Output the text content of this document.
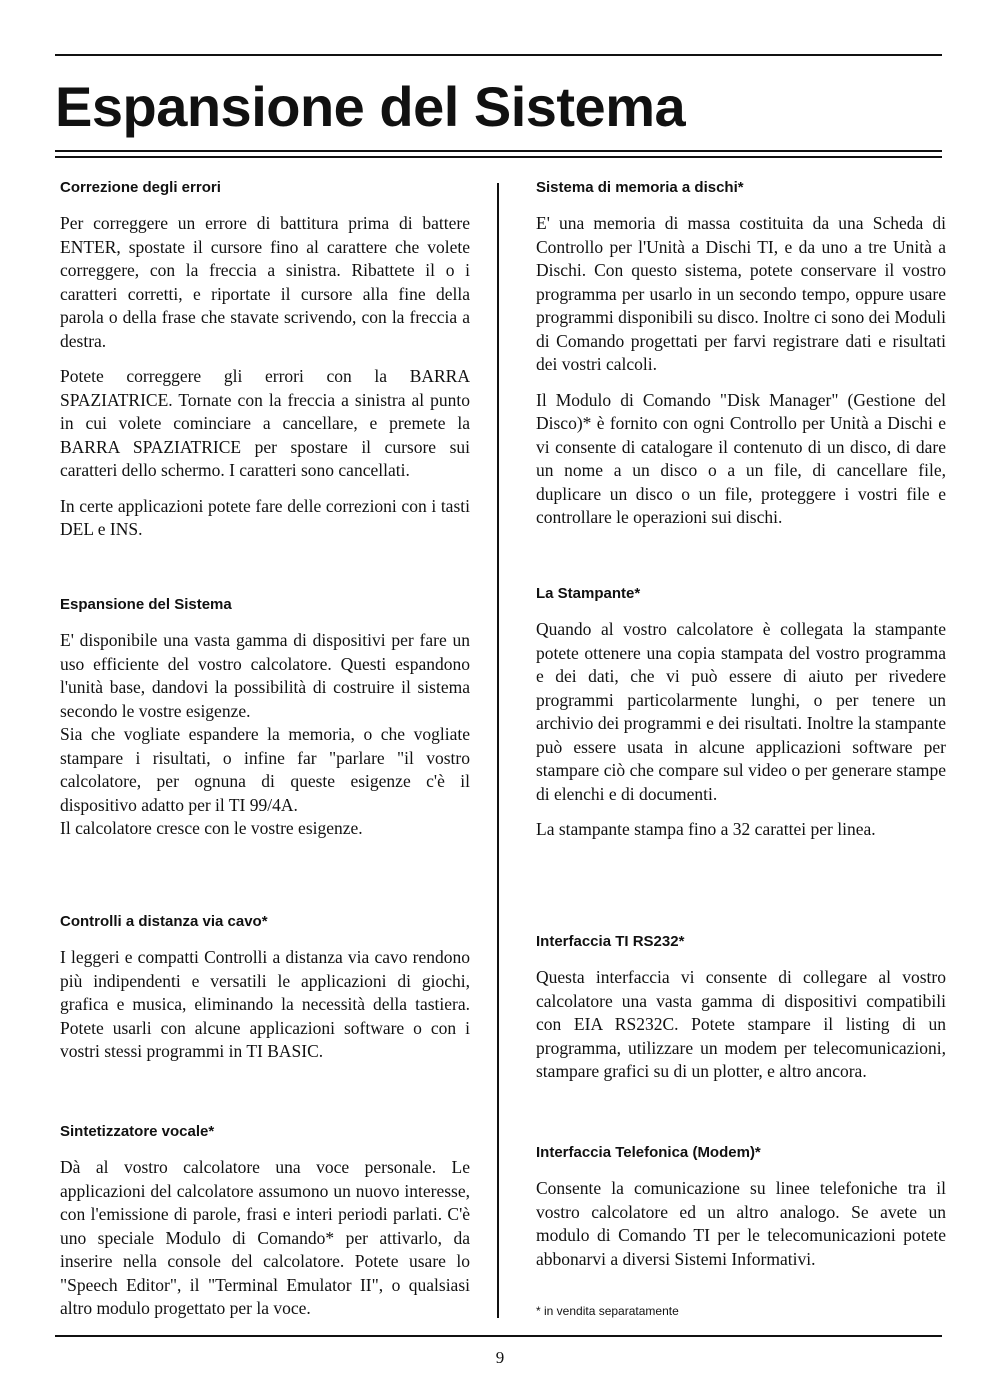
Espansione del Sistema
Correzione degli errori

Per correggere un errore di battitura prima di battere ENTER, spostate il cursore fino al carattere che volete correggere, con la freccia a sinistra. Ribattete il o i caratteri corretti, e riportate il cursore alla fine della parola o della frase che stavate scrivendo, con la freccia a destra.

Potete correggere gli errori con la BARRA SPAZIATRICE. Tornate con la freccia a sinistra al punto in cui volete cominciare a cancellare, e premete la BARRA SPAZIATRICE per spostare il cursore sui caratteri dello schermo. I caratteri sono cancellati.

In certe applicazioni potete fare delle correzioni con i tasti DEL e INS.

Espansione del Sistema

E' disponibile una vasta gamma di dispositivi per fare un uso efficiente del vostro calcolatore. Questi espandono l'unità base, dandovi la possibilità di costruire il sistema secondo le vostre esigenze.
Sia che vogliate espandere la memoria, o che vogliate stampare i risultati, o infine far "parlare "il vostro calcolatore, per ognuna di queste esigenze c'è il dispositivo adatto per il TI 99/4A.
Il calcolatore cresce con le vostre esigenze.

Controlli a distanza via cavo*

I leggeri e compatti Controlli a distanza via cavo rendono più indipendenti e versatili le applicazioni di giochi, grafica e musica, eliminando la necessità della tastiera. Potete usarli con alcune applicazioni software o con i vostri stessi programmi in TI BASIC.

Sintetizzatore vocale*

Dà al vostro calcolatore una voce personale. Le applicazioni del calcolatore assumono un nuovo interesse, con l'emissione di parole, frasi e interi periodi parlati. C'è uno speciale Modulo di Comando* per attivarlo, da inserire nella console del calcolatore. Potete usare lo "Speech Editor", il "Terminal Emulator II", o qualsiasi altro modulo progettato per la voce.

Sistema di memoria a dischi*

E' una memoria di massa costituita da una Scheda di Controllo per l'Unità a Dischi TI, e da uno a tre Unità a Dischi. Con questo sistema, potete conservare il vostro programma per usarlo in un secondo tempo, oppure usare programmi disponibili su disco. Inoltre ci sono dei Moduli di Comando progettati per farvi registrare dati e risultati dei vostri calcoli.

Il Modulo di Comando "Disk Manager" (Gestione del Disco)* è fornito con ogni Controllo per Unità a Dischi e vi consente di catalogare il contenuto di un disco, di dare un nome a un disco o a un file, di cancellare file, duplicare un disco o un file, proteggere i vostri file e controllare le operazioni sui dischi.

La Stampante*

Quando al vostro calcolatore è collegata la stampante potete ottenere una copia stampata del vostro programma e dei dati, che vi può essere di aiuto per rivedere programmi particolarmente lunghi, o per tenere un archivio dei programmi e dei risultati. Inoltre la stampante può essere usata in alcune applicazioni software per stampare ciò che compare sul video o per generare stampe di elenchi e di documenti.

La stampante stampa fino a 32 carattei per linea.

Interfaccia TI RS232*

Questa interfaccia vi consente di collegare al vostro calcolatore una vasta gamma di dispositivi compatibili con EIA RS232C. Potete stampare il listing di un programma, utilizzare un modem per telecomunicazioni, stampare grafici su di un plotter, e altro ancora.

Interfaccia Telefonica (Modem)*

Consente la comunicazione su linee telefoniche tra il vostro calcolatore ed un altro analogo. Se avete un modulo di Comando TI per le telecomunicazioni potete abbonarvi a diversi Sistemi Informativi.

* in vendita separatamente
9
